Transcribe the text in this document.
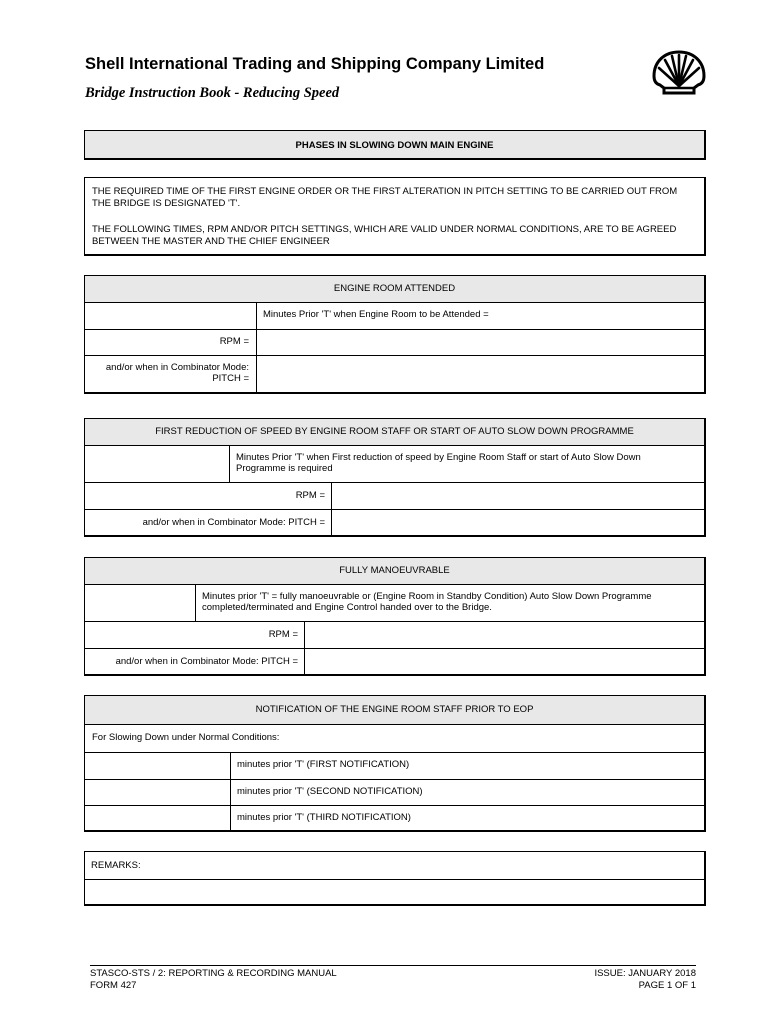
Shell International Trading and Shipping Company Limited
Bridge Instruction Book - Reducing Speed
PHASES IN SLOWING DOWN MAIN ENGINE
THE REQUIRED TIME OF THE FIRST ENGINE ORDER OR THE FIRST ALTERATION IN PITCH SETTING TO BE CARRIED OUT FROM THE BRIDGE IS DESIGNATED 'T'.
THE FOLLOWING TIMES, RPM AND/OR PITCH SETTINGS, WHICH ARE VALID UNDER NORMAL CONDITIONS, ARE TO BE AGREED BETWEEN THE MASTER AND THE CHIEF ENGINEER
ENGINE ROOM ATTENDED
Minutes Prior 'T' when Engine Room to be Attended =
RPM =
and/or when in Combinator Mode:
PITCH =
FIRST REDUCTION OF SPEED BY ENGINE ROOM STAFF OR START OF AUTO SLOW DOWN PROGRAMME
Minutes Prior 'T' when First reduction of speed by Engine Room Staff or start of Auto Slow Down Programme is required
RPM =
and/or when in Combinator Mode: PITCH =
FULLY MANOEUVRABLE
Minutes prior 'T' = fully manoeuvrable or (Engine Room in Standby Condition) Auto Slow Down Programme completed/terminated and Engine Control handed over to the Bridge.
RPM =
and/or when in Combinator Mode: PITCH =
NOTIFICATION OF THE ENGINE ROOM STAFF PRIOR TO EOP
For Slowing Down under Normal Conditions:
minutes prior 'T' (FIRST NOTIFICATION)
minutes prior 'T' (SECOND NOTIFICATION)
minutes prior 'T' (THIRD NOTIFICATION)
REMARKS:
STASCO-STS / 2: REPORTING & RECORDING MANUAL
FORM 427
ISSUE: JANUARY 2018
PAGE 1 OF 1
